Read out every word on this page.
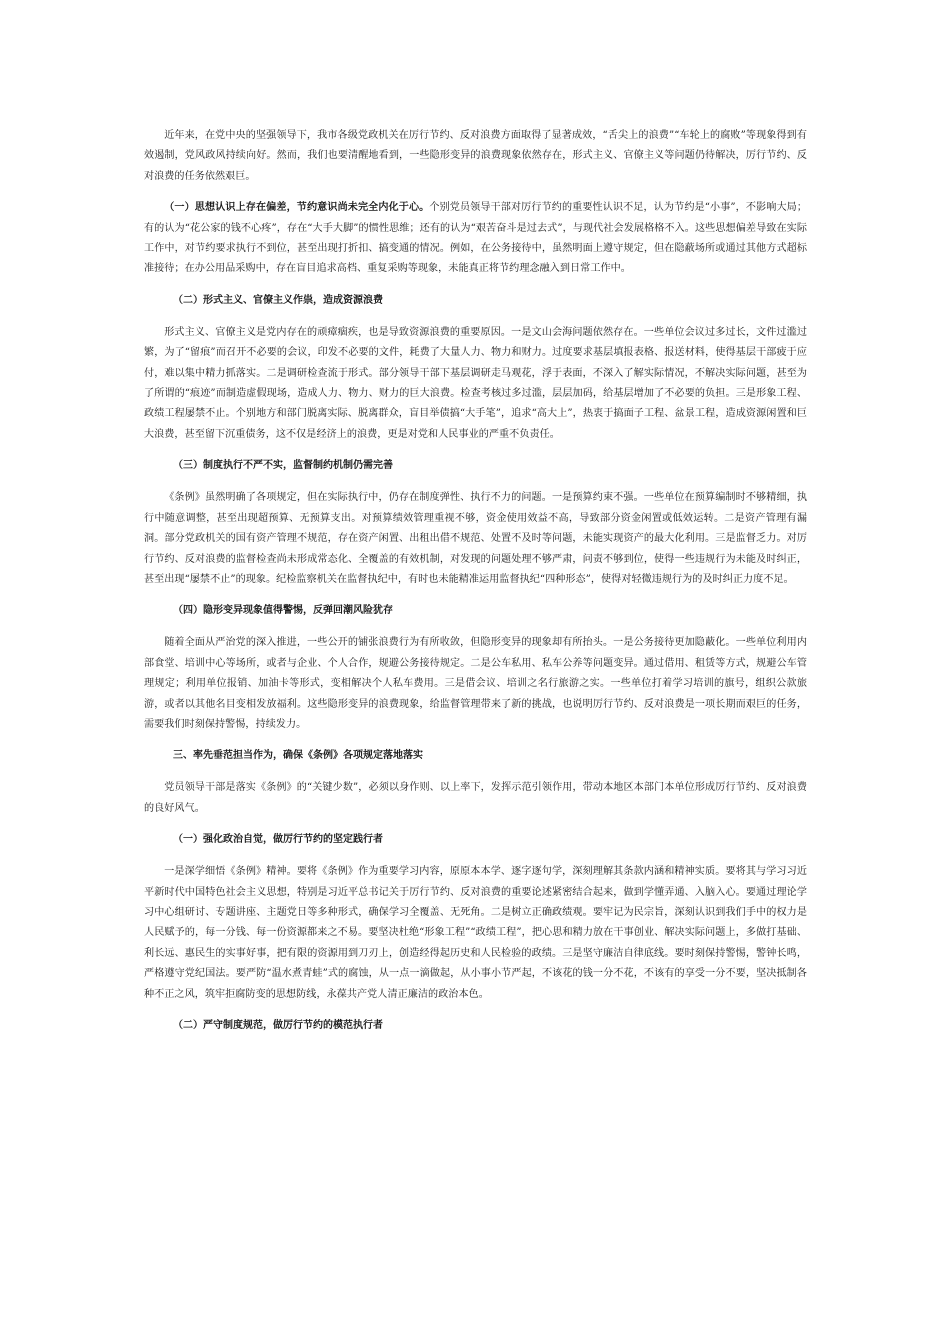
近年来，在党中央的坚强领导下，我市各级党政机关在厉行节约、反对浪费方面取得了显著成效，“舌尖上的浪费”“车轮上的腐败”等现象得到有效遏制，党风政风持续向好。然而，我们也要清醒地看到，一些隐形变异的浪费现象依然存在，形式主义、官僚主义等问题仍待解决，厉行节约、反对浪费的任务依然艰巨。

（一）思想认识上存在偏差，节约意识尚未完全内化于心。个别党员领导干部对厉行节约的重要性认识不足，认为节约是“小事”，不影响大局；有的认为“花公家的钱不心疼”，存在“大手大脚”的惯性思维；还有的认为“艰苦奋斗是过去式”，与现代社会发展格格不入。这些思想偏差导致在实际工作中，对节约要求执行不到位，甚至出现打折扣、搞变通的情况。例如，在公务接待中，虽然明面上遵守规定，但在隐蔽场所或通过其他方式超标准接待；在办公用品采购中，存在盲目追求高档、重复采购等现象，未能真正将节约理念融入到日常工作中。

（二）形式主义、官僚主义作祟，造成资源浪费

形式主义、官僚主义是党内存在的顽瘴痼疾，也是导致资源浪费的重要原因。一是文山会海问题依然存在。一些单位会议过多过长，文件过滥过繁，为了“留痕”而召开不必要的会议，印发不必要的文件，耗费了大量人力、物力和财力。过度要求基层填报表格、报送材料，使得基层干部疲于应付，难以集中精力抓落实。二是调研检查流于形式。部分领导干部下基层调研走马观花，浮于表面，不深入了解实际情况，不解决实际问题，甚至为了所谓的“痕迹”而制造虚假现场，造成人力、物力、财力的巨大浪费。检查考核过多过滥，层层加码，给基层增加了不必要的负担。三是形象工程、政绩工程屡禁不止。个别地方和部门脱离实际、脱离群众，盲目举债搞“大手笔”，追求“高大上”，热衷于搞面子工程、盆景工程，造成资源闲置和巨大浪费，甚至留下沉重债务，这不仅是经济上的浪费，更是对党和人民事业的严重不负责任。

（三）制度执行不严不实，监督制约机制仍需完善

《条例》虽然明确了各项规定，但在实际执行中，仍存在制度弹性、执行不力的问题。一是预算约束不强。一些单位在预算编制时不够精细，执行中随意调整，甚至出现超预算、无预算支出。对预算绩效管理重视不够，资金使用效益不高，导致部分资金闲置或低效运转。二是资产管理有漏洞。部分党政机关的国有资产管理不规范，存在资产闲置、出租出借不规范、处置不及时等问题，未能实现资产的最大化利用。三是监督乏力。对厉行节约、反对浪费的监督检查尚未形成常态化、全覆盖的有效机制，对发现的问题处理不够严肃，问责不够到位，使得一些违规行为未能及时纠正，甚至出现“屡禁不止”的现象。纪检监察机关在监督执纪中，有时也未能精准运用监督执纪“四种形态”，使得对轻微违规行为的及时纠正力度不足。

（四）隐形变异现象值得警惕，反弹回潮风险犹存

随着全面从严治党的深入推进，一些公开的铺张浪费行为有所收敛，但隐形变异的现象却有所抬头。一是公务接待更加隐蔽化。一些单位利用内部食堂、培训中心等场所，或者与企业、个人合作，规避公务接待规定。二是公车私用、私车公养等问题变异。通过借用、租赁等方式，规避公车管理规定；利用单位报销、加油卡等形式，变相解决个人私车费用。三是借会议、培训之名行旅游之实。一些单位打着学习培训的旗号，组织公款旅游，或者以其他名目变相发放福利。这些隐形变异的浪费现象，给监督管理带来了新的挑战，也说明厉行节约、反对浪费是一项长期而艰巨的任务，需要我们时刻保持警惕，持续发力。

三、率先垂范担当作为，确保《条例》各项规定落地落实

党员领导干部是落实《条例》的“关键少数”，必须以身作则、以上率下，发挥示范引领作用，带动本地区本部门本单位形成厉行节约、反对浪费的良好风气。

（一）强化政治自觉，做厉行节约的坚定践行者

一是深学细悟《条例》精神。要将《条例》作为重要学习内容，原原本本学、逐字逐句学，深刻理解其条款内涵和精神实质。要将其与学习习近平新时代中国特色社会主义思想，特别是习近平总书记关于厉行节约、反对浪费的重要论述紧密结合起来，做到学懂弄通、入脑入心。要通过理论学习中心组研讨、专题讲座、主题党日等多种形式，确保学习全覆盖、无死角。二是树立正确政绩观。要牢记为民宗旨，深刻认识到我们手中的权力是人民赋予的，每一分钱、每一份资源都来之不易。要坚决杜绝“形象工程”“政绩工程”，把心思和精力放在干事创业、解决实际问题上，多做打基础、利长远、惠民生的实事好事，把有限的资源用到刀刃上，创造经得起历史和人民检验的政绩。三是坚守廉洁自律底线。要时刻保持警惕，警钟长鸣，严格遵守党纪国法。要严防“温水煮青蛙”式的腐蚀，从一点一滴做起，从小事小节严起，不该花的钱一分不花，不该有的享受一分不要，坚决抵制各种不正之风，筑牢拒腐防变的思想防线，永葆共产党人清正廉洁的政治本色。

（二）严守制度规范，做厉行节约的模范执行者
